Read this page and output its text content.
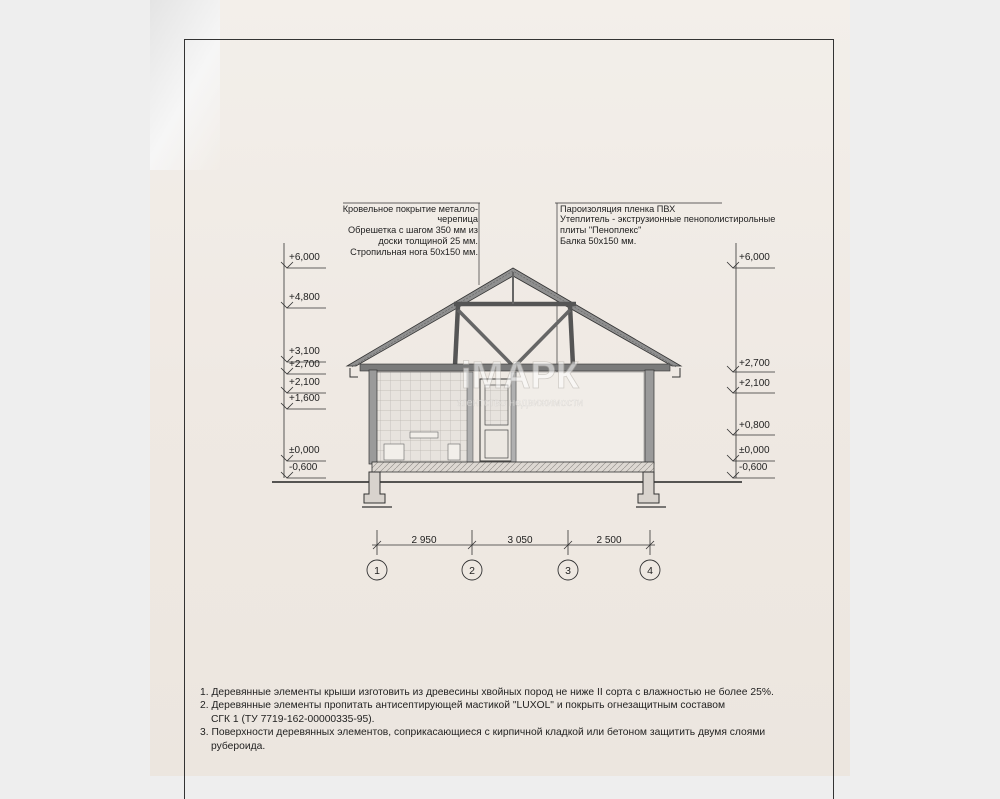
Кровельное покрытие металло-
черепица
Обрешетка с шагом 350 мм из
доски толщиной 25 мм.
Стропильная нога 50х150 мм.
Пароизоляция пленка ПВХ
Утеплитель - экструзионные пенополистирольные
плиты "Пеноплекс"
Балка 50х150 мм.
+6,000
+4,800
+3,100
+2,700
+2,100
+1,600
±0,000
-0,600
+6,000
+2,700
+2,100
+0,800
±0,000
-0,600
iМАРК
агентство недвижимости
2 950	3 050	2 500
1	2	3	4
1. Деревянные элементы крыши изготовить из древесины хвойных пород не ниже II сорта с влажностью не более 25%.
2. Деревянные элементы пропитать антисептирующей мастикой "LUXOL" и покрыть огнезащитным составом
СГК 1 (ТУ 7719-162-00000335-95).
3. Поверхности деревянных элементов, соприкасающиеся с кирпичной кладкой или бетоном защитить двумя слоями
рубероида.
